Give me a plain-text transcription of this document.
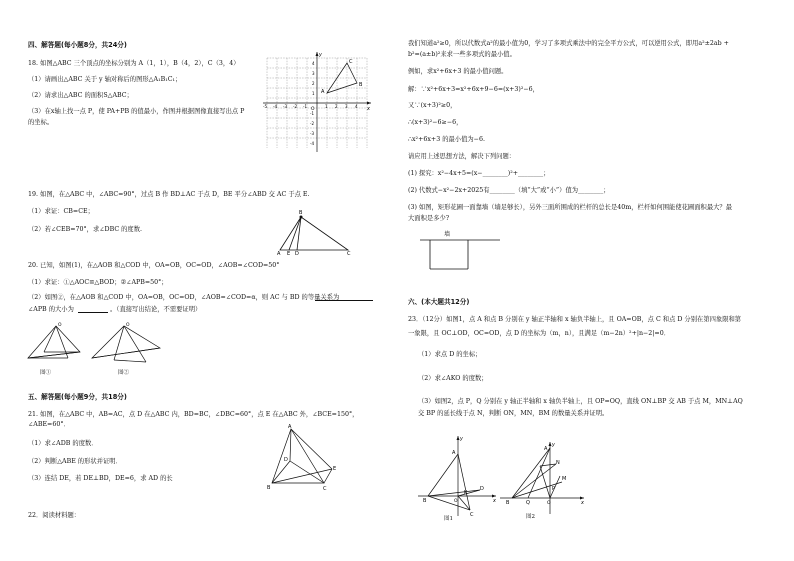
四、解答题(每小题8分，共24分)
18. 如图△ABC 三个顶点的坐标分别为 A（1，1），B（4，2），C（3，4）
（1）请画出△ABC 关于 y 轴对称后的图形△A₁B₁C₁；
（2）请求出△ABC 的面积S△ABC；
（3）在x轴上找一点 P，使 PA+PB 的值最小，作图并根据图像直接写出点 P
的坐标。
A
B
C
y
x
O
-5 -4 -3 -2 -1	1 2 3 4
1
2
3
4
-1
-2
-3
-4
19. 如图，在△ABC 中，∠ABC=90°，过点 B 作 BD⊥AC 于点 D，BE 平分∠ABD 交 AC 于点 E.
（1）求证：CB=CE；
（2）若∠CEB=70°，求∠DBC 的度数.
B
A E D	C
20. 已知，如图(1)，在△AOB 和△COD 中，OA=OB，OC=OD，∠AOB=∠COD=50°
（1）求证：①△AOC≌△BOD；②∠APB=50°；
（2）如图②，在△AOB 和△COD 中，OA=OB，OC=OD，∠AOB=∠COD=α，则 AC 与 BD 的等量关系为
∠APB 的大小为	。（直接写出结论，不需要证明）
O
图①
O
图②
五、解答题(每小题9分，共18分)
21. 如图，在△ABC 中，AB=AC，点 D 在△ABC 内，BD=BC，∠DBC=60°，点 E 在△ABC 外，∠BCE=150°，
∠ABE=60°．
（1）求∠ADB 的度数．
（2）判断△ABE 的形状并证明．
（3）连结 DE，若 DE⊥BD，DE=6，求 AD 的长
A
B	C
E
D
22．阅读材料题：
我们知道a²≥0，所以代数式a²的最小值为0，学习了多项式乘法中的完全平方公式，可以逆用公式，即用a²±2ab +
b²=(a±b)²来求一些多项式的最小值。
例如，求x²+6x+3 的最小值问题。
解：∵x²+6x+3=x²+6x+9−6=(x+3)²−6，
又∵(x+3)²≥0，
∴(x+3)²−6≥−6，
∴x²+6x+3 的最小值为−6.
请应用上述思想方法，解决下列问题：
(1) 探究：x²−4x+5=(x−________)²+________；
(2) 代数式−x²−2x+2025有________（填“大”或“小”）值为________；
(3) 如图，矩形花圃一面靠墙（墙足够长），另外三面所围成的栏杆的总长是40m，栏杆如何围能使花圃面积最大？最
大面积是多少?
墙
六、(本大题共12分)
23．（12分）如图1，点 A 和点 B 分别在 y 轴正半轴和 x 轴负半轴上，且 OA=OB，点 C 和点 D 分别在第四象限和第
一象限，且 OC⊥OD，OC=OD，点 D 的坐标为（m，n），且满足（m−2n）²+|n−2|=0．
（1）求点 D 的坐标；
（2）求∠AKO 的度数；
（3）如图2，点 P，Q 分别在 y 轴正半轴和 x 轴负半轴上，且 OP=OQ，直线 ON⊥BP 交 AB 于点 M，MN⊥AQ
交 BP 的延长线于点 N，判断 ON，MN，BM 的数量关系并证明。
y
x
A
B
C
D
K
O
图1
y
x
A
B
N
M
Q
P
O
图2
